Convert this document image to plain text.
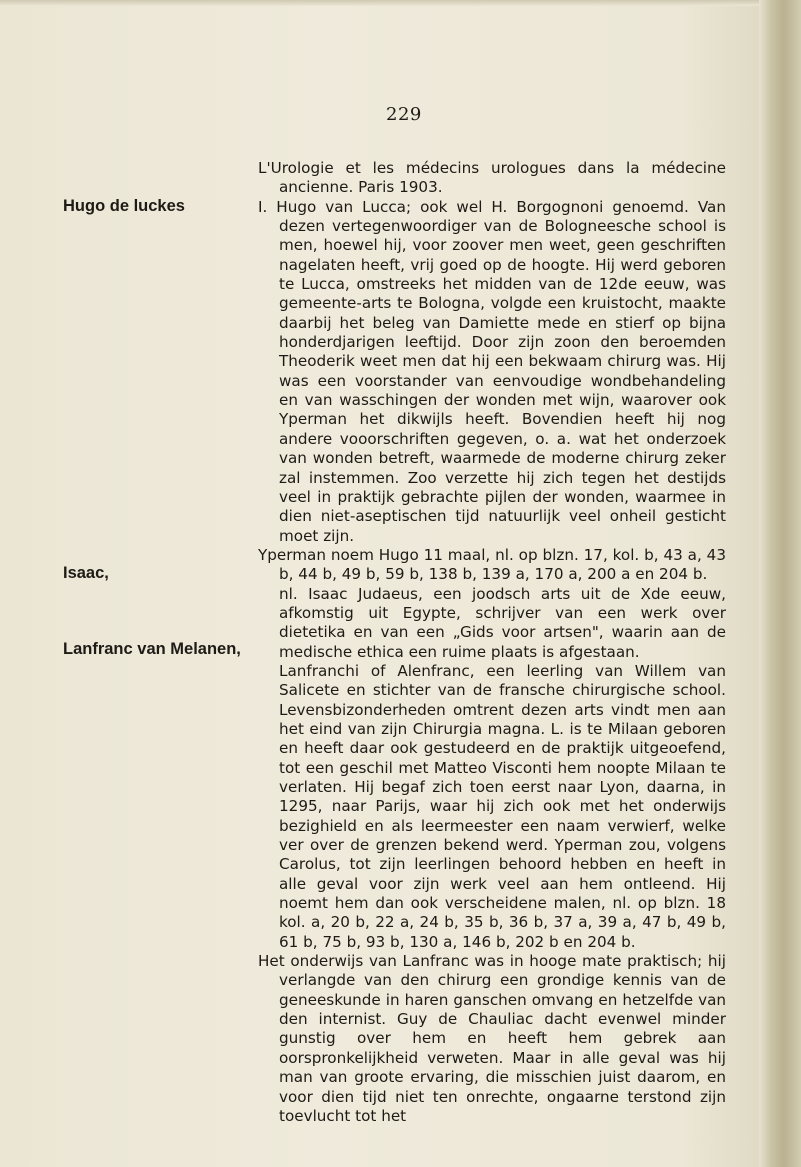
229
Hugo de luckes
Isaac,
Lanfranc van Melanen,

L'Urologie et les médecins urologues dans la médecine ancienne. Paris 1903.

I. Hugo van Lucca; ook wel H. Borgognoni genoemd. Van dezen vertegenwoordiger van de Bologneesche school is men, hoewel hij, voor zoover men weet, geen geschriften nagelaten heeft, vrij goed op de hoogte. Hij werd geboren te Lucca, omstreeks het midden van de 12de eeuw, was gemeente-arts te Bologna, volgde een kruistocht, maakte daarbij het beleg van Damiette mede en stierf op bijna honderdjarigen leeftijd. Door zijn zoon den beroemden Theoderik weet men dat hij een bekwaam chirurg was. Hij was een voorstander van eenvoudige wondbehandeling en van wasschingen der wonden met wijn, waarover ook Yperman het dikwijls heeft. Bovendien heeft hij nog andere vooorschriften gegeven, o. a. wat het onderzoek van wonden betreft, waarmede de moderne chirurg zeker zal instemmen. Zoo verzette hij zich tegen het destijds veel in praktijk gebrachte pijlen der wonden, waarmee in dien niet-aseptischen tijd natuurlijk veel onheil gesticht moet zijn.

Yperman noem Hugo 11 maal, nl. op blzn. 17, kol. b, 43 a, 43 b, 44 b, 49 b, 59 b, 138 b, 139 a, 170 a, 200 a en 204 b.

nl. Isaac Judaeus, een joodsch arts uit de Xde eeuw, afkomstig uit Egypte, schrijver van een werk over dietetika en van een „Gids voor artsen", waarin aan de medische ethica een ruime plaats is afgestaan.

Lanfranchi of Alenfranc, een leerling van Willem van Salicete en stichter van de fransche chirurgische school. Levensbizonderheden omtrent dezen arts vindt men aan het eind van zijn Chirurgia magna. L. is te Milaan geboren en heeft daar ook gestudeerd en de praktijk uitgeoefend, tot een geschil met Matteo Visconti hem noopte Milaan te verlaten. Hij begaf zich toen eerst naar Lyon, daarna, in 1295, naar Parijs, waar hij zich ook met het onderwijs bezighield en als leermeester een naam verwierf, welke ver over de grenzen bekend werd. Yperman zou, volgens Carolus, tot zijn leerlingen behoord hebben en heeft in alle geval voor zijn werk veel aan hem ontleend. Hij noemt hem dan ook verscheidene malen, nl. op blzn. 18 kol. a, 20 b, 22 a, 24 b, 35 b, 36 b, 37 a, 39 a, 47 b, 49 b, 61 b, 75 b, 93 b, 130 a, 146 b, 202 b en 204 b.

Het onderwijs van Lanfranc was in hooge mate praktisch; hij verlangde van den chirurg een grondige kennis van de geneeskunde in haren ganschen omvang en hetzelfde van den internist. Guy de Chauliac dacht evenwel minder gunstig over hem en heeft hem gebrek aan oorspronkelijkheid verweten. Maar in alle geval was hij man van groote ervaring, die misschien juist daarom, en voor dien tijd niet ten onrechte, ongaarne terstond zijn toevlucht tot het
